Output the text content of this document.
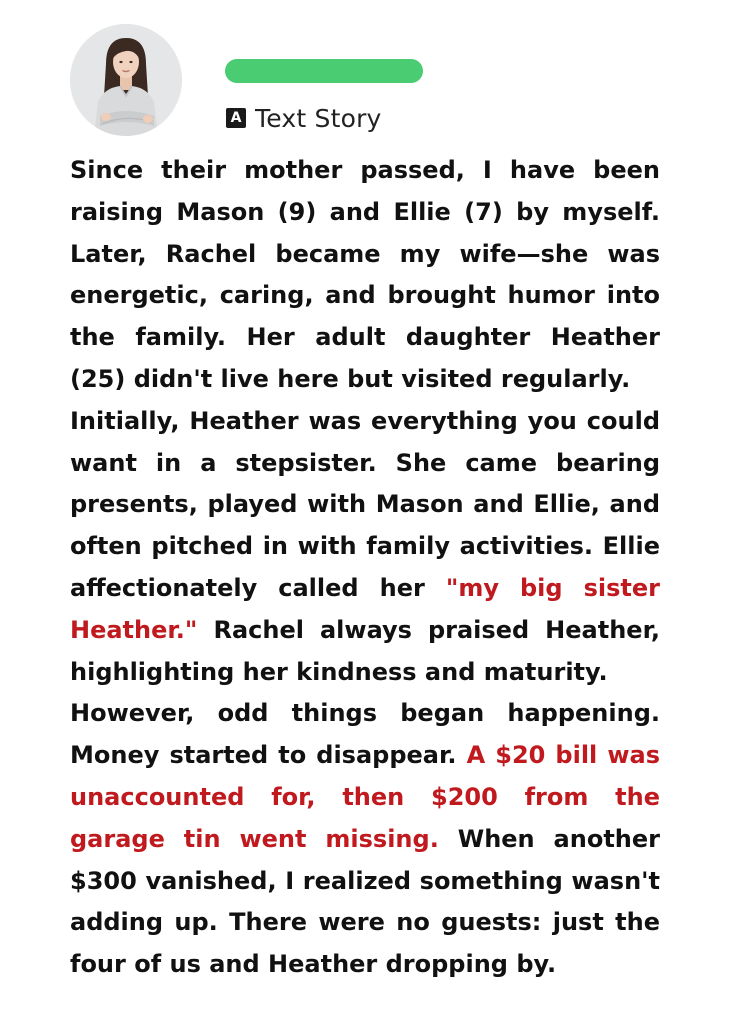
A Text Story

Since their mother passed, I have been raising Mason (9) and Ellie (7) by myself. Later, Rachel became my wife—she was energetic, caring, and brought humor into the family. Her adult daughter Heather (25) didn't live here but visited regularly.

Initially, Heather was everything you could want in a stepsister. She came bearing presents, played with Mason and Ellie, and often pitched in with family activities. Ellie affectionately called her "my big sister Heather." Rachel always praised Heather, highlighting her kindness and maturity.

However, odd things began happening. Money started to disappear. A $20 bill was unaccounted for, then $200 from the garage tin went missing. When another $300 vanished, I realized something wasn't adding up. There were no guests: just the four of us and Heather dropping by.
